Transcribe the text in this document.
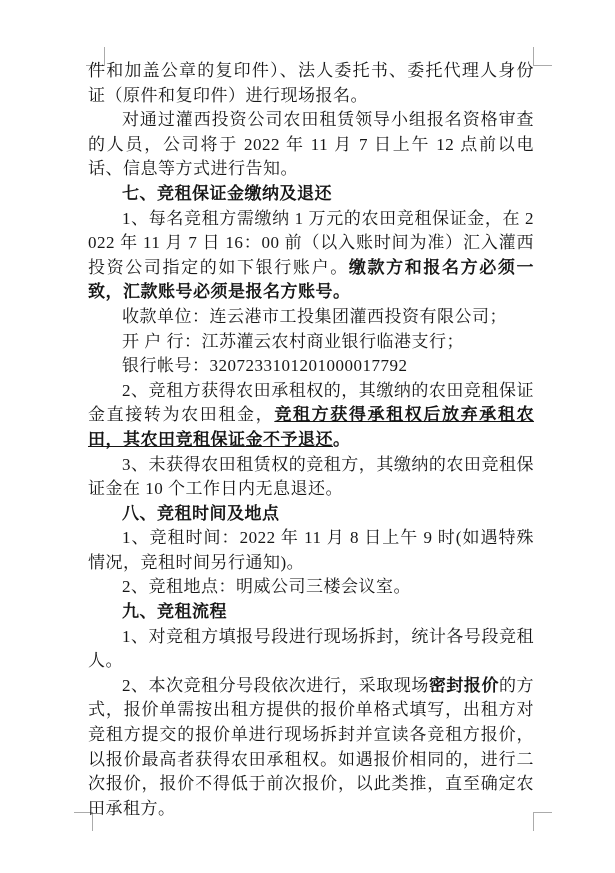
件和加盖公章的复印件）、法人委托书、委托代理人身份证（原件和复印件）进行现场报名。

对通过灌西投资公司农田租赁领导小组报名资格审查的人员，公司将于 2022 年 11 月 7 日上午 12 点前以电话、信息等方式进行告知。

七、竞租保证金缴纳及退还

1、每名竞租方需缴纳 1 万元的农田竞租保证金，在 2022 年 11 月 7 日 16：00 前（以入账时间为准）汇入灌西投资公司指定的如下银行账户。缴款方和报名方必须一致，汇款账号必须是报名方账号。

收款单位：连云港市工投集团灌西投资有限公司；

开 户 行：江苏灌云农村商业银行临港支行；

银行帐号：3207233101201000017792

2、竞租方获得农田承租权的，其缴纳的农田竞租保证金直接转为农田租金，竞租方获得承租权后放弃承租农田，其农田竞租保证金不予退还。

3、未获得农田租赁权的竞租方，其缴纳的农田竞租保证金在 10 个工作日内无息退还。

八、竞租时间及地点

1、竞租时间：2022 年 11 月 8 日上午 9 时(如遇特殊情况，竞租时间另行通知)。

2、竞租地点：明威公司三楼会议室。

九、竞租流程

1、对竞租方填报号段进行现场拆封，统计各号段竞租人。

2、本次竞租分号段依次进行，采取现场密封报价的方式，报价单需按出租方提供的报价单格式填写，出租方对竞租方提交的报价单进行现场拆封并宣读各竞租方报价，以报价最高者获得农田承租权。如遇报价相同的，进行二次报价，报价不得低于前次报价，以此类推，直至确定农田承租方。
